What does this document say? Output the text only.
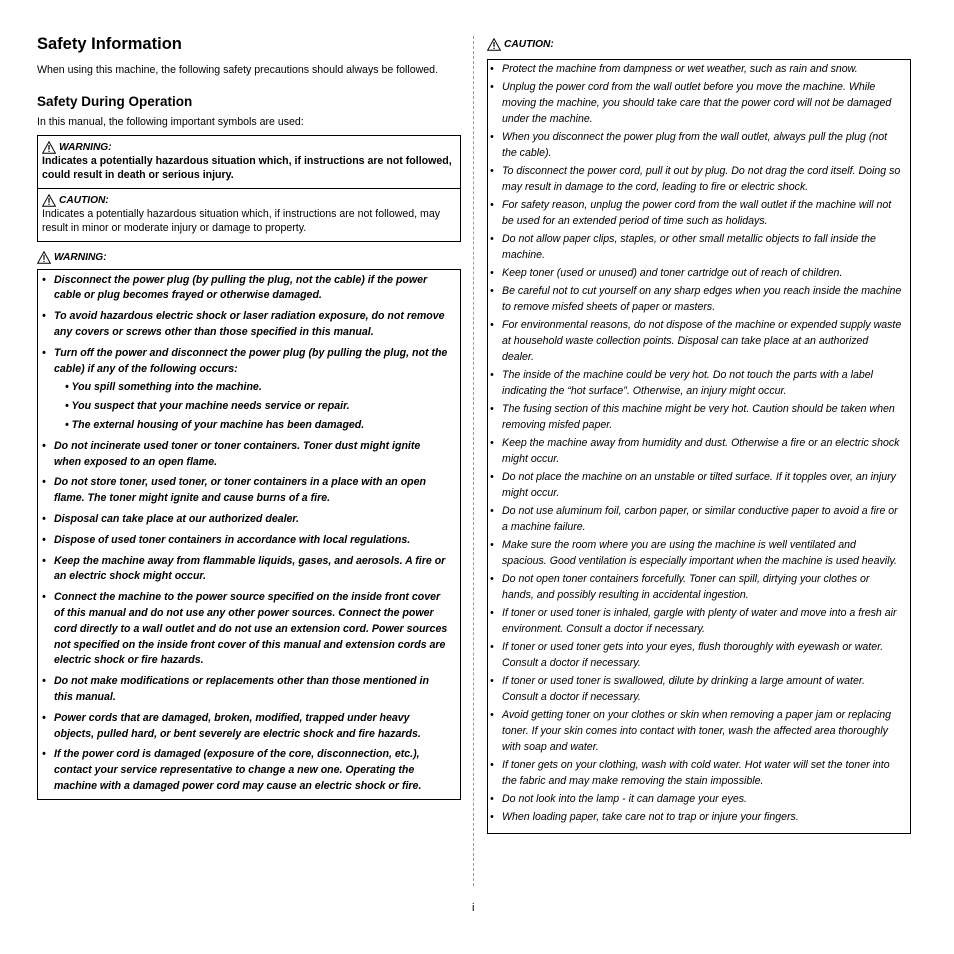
Safety Information

When using this machine, the following safety precautions should always be followed.

Safety During Operation

In this manual, the following important symbols are used:

WARNING:
Indicates a potentially hazardous situation which, if instructions are not followed, could result in death or serious injury.
CAUTION:
Indicates a potentially hazardous situation which, if instructions are not followed, may result in minor or moderate injury or damage to property.
WARNING:
• Disconnect the power plug (by pulling the plug, not the cable) if the power cable or plug becomes frayed or otherwise damaged.
• To avoid hazardous electric shock or laser radiation exposure, do not remove any covers or screws other than those specified in this manual.
• Turn off the power and disconnect the power plug (by pulling the plug, not the cable) if any of the following occurs:
• You spill something into the machine.
• You suspect that your machine needs service or repair.
• The external housing of your machine has been damaged.
• Do not incinerate used toner or toner containers. Toner dust might ignite when exposed to an open flame.
• Do not store toner, used toner, or toner containers in a place with an open flame. The toner might ignite and cause burns of a fire.
• Disposal can take place at our authorized dealer.
• Dispose of used toner containers in accordance with local regulations.
• Keep the machine away from flammable liquids, gases, and aerosols. A fire or an electric shock might occur.
• Connect the machine to the power source specified on the inside front cover of this manual and do not use any other power sources. Connect the power cord directly to a wall outlet and do not use an extension cord. Power sources not specified on the inside front cover of this manual and extension cords are electric shock or fire hazards.
• Do not make modifications or replacements other than those mentioned in this manual.
• Power cords that are damaged, broken, modified, trapped under heavy objects, pulled hard, or bent severely are electric shock and fire hazards.
• If the power cord is damaged (exposure of the core, disconnection, etc.), contact your service representative to change a new one. Operating the machine with a damaged power cord may cause an electric shock or fire.
CAUTION:
• Protect the machine from dampness or wet weather, such as rain and snow.
• Unplug the power cord from the wall outlet before you move the machine. While moving the machine, you should take care that the power cord will not be damaged under the machine.
• When you disconnect the power plug from the wall outlet, always pull the plug (not the cable).
• To disconnect the power cord, pull it out by plug. Do not drag the cord itself. Doing so may result in damage to the cord, leading to fire or electric shock.
• For safety reason, unplug the power cord from the wall outlet if the machine will not be used for an extended period of time such as holidays.
• Do not allow paper clips, staples, or other small metallic objects to fall inside the machine.
• Keep toner (used or unused) and toner cartridge out of reach of children.
• Be careful not to cut yourself on any sharp edges when you reach inside the machine to remove misfed sheets of paper or masters.
• For environmental reasons, do not dispose of the machine or expended supply waste at household waste collection points. Disposal can take place at an authorized dealer.
• The inside of the machine could be very hot. Do not touch the parts with a label indicating the “hot surface”. Otherwise, an injury might occur.
• The fusing section of this machine might be very hot. Caution should be taken when removing misfed paper.
• Keep the machine away from humidity and dust. Otherwise a fire or an electric shock might occur.
• Do not place the machine on an unstable or tilted surface. If it topples over, an injury might occur.
• Do not use aluminum foil, carbon paper, or similar conductive paper to avoid a fire or a machine failure.
• Make sure the room where you are using the machine is well ventilated and spacious. Good ventilation is especially important when the machine is used heavily.
• Do not open toner containers forcefully. Toner can spill, dirtying your clothes or hands, and possibly resulting in accidental ingestion.
• If toner or used toner is inhaled, gargle with plenty of water and move into a fresh air environment. Consult a doctor if necessary.
• If toner or used toner gets into your eyes, flush thoroughly with eyewash or water. Consult a doctor if necessary.
• If toner or used toner is swallowed, dilute by drinking a large amount of water. Consult a doctor if necessary.
• Avoid getting toner on your clothes or skin when removing a paper jam or replacing toner. If your skin comes into contact with toner, wash the affected area thoroughly with soap and water.
• If toner gets on your clothing, wash with cold water. Hot water will set the toner into the fabric and may make removing the stain impossible.
• Do not look into the lamp - it can damage your eyes.
• When loading paper, take care not to trap or injure your fingers.
i
